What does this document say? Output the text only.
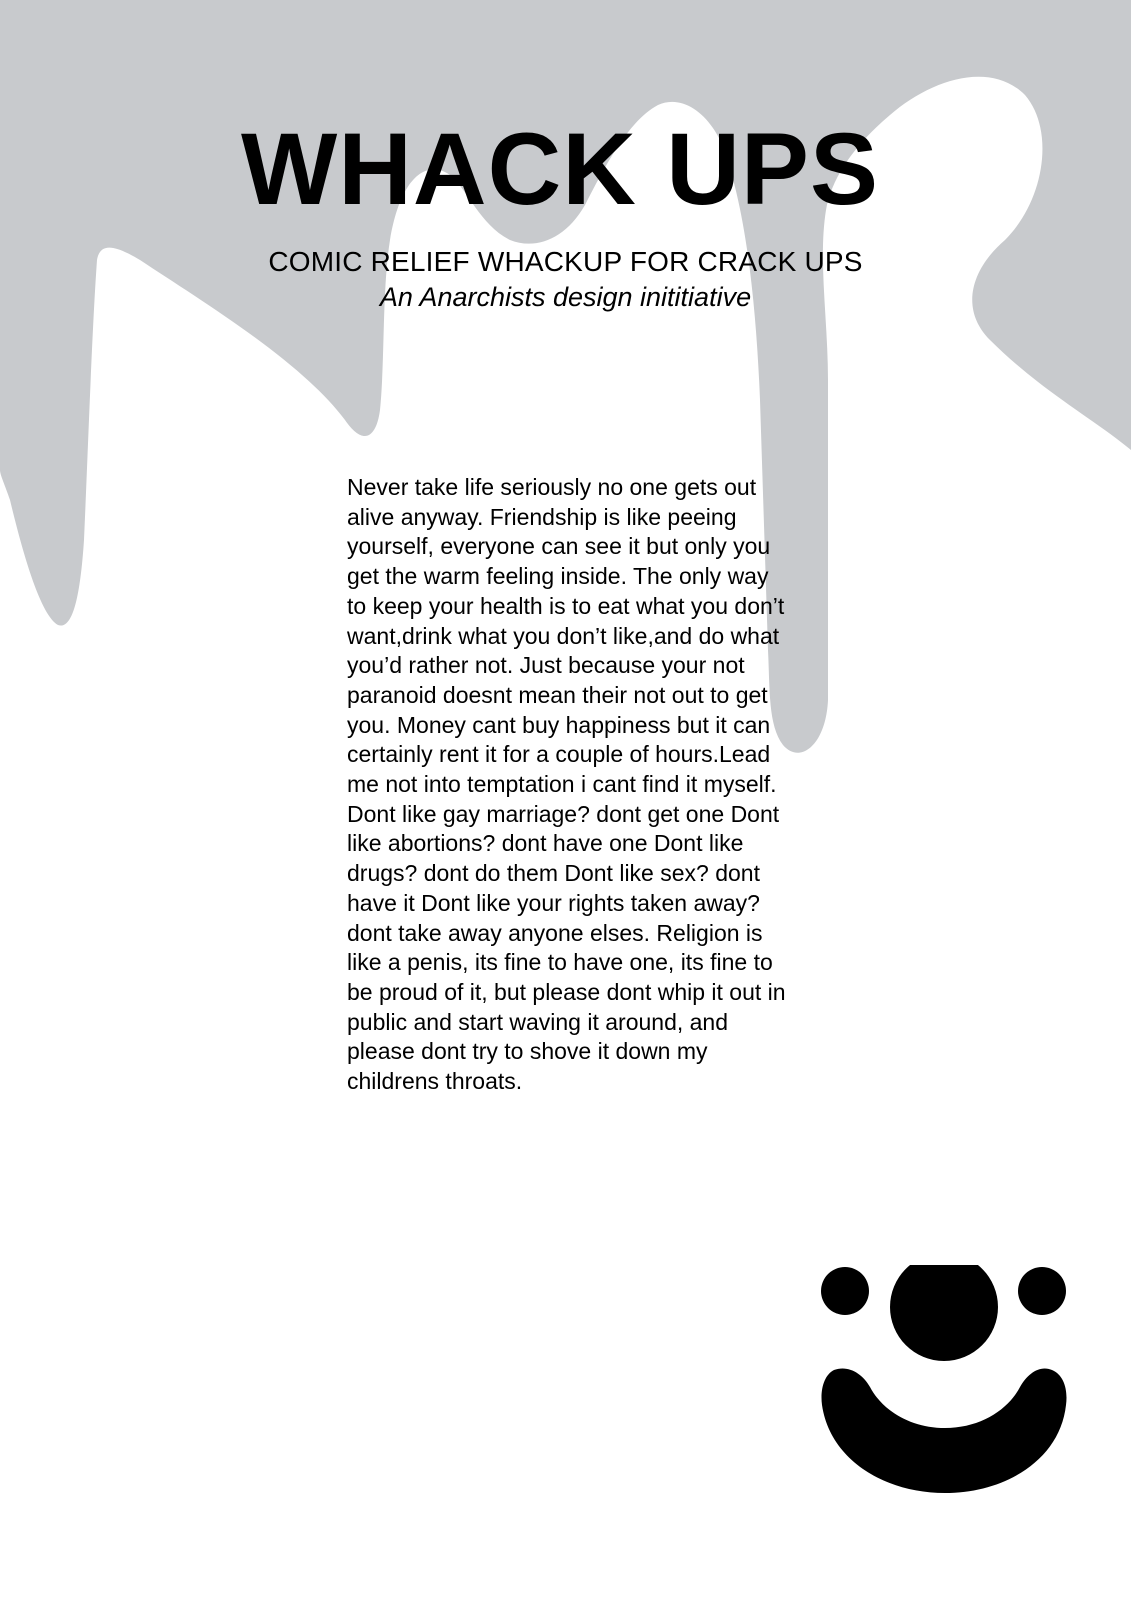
WHACK UPS
COMIC RELIEF WHACKUP FOR CRACK UPS
An Anarchists design inititiative

Never take life seriously no one gets out alive anyway. Friendship is like peeing yourself, everyone can see it but only you get the warm feeling inside. The only way to keep your health is to eat what you don’t want,drink what you don’t like,and do what you’d rather not. Just because your not paranoid doesnt mean their not out to get you. Money cant buy happiness but it can certainly rent it for a couple of hours.Lead me not into temptation i cant find it myself. Dont like gay marriage? dont get one Dont like abortions? dont have one Dont like drugs? dont do them Dont like sex? dont have it Dont like your rights taken away? dont take away anyone elses. Religion is like a penis, its fine to have one, its fine to be proud of it, but please dont whip it out in public and start waving it around, and please dont try to shove it down my childrens throats.
